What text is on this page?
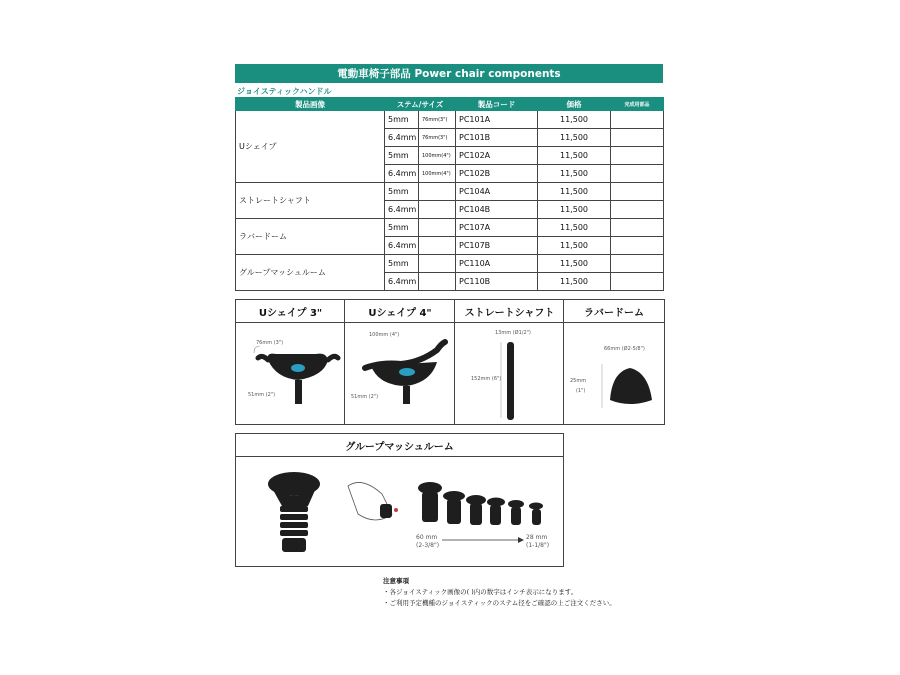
電動車椅子部品 Power chair components
ジョイスティックハンドル
製品画像	ステム/サイズ		製品コード	価格	完成用部品
Uシェイプ	5mm	76mm(3")	PC101A	11,500	
	6.4mm	76mm(3")	PC101B	11,500	
	5mm	100mm(4")	PC102A	11,500	
	6.4mm	100mm(4")	PC102B	11,500	
ストレートシャフト	5mm		PC104A	11,500	
	6.4mm		PC104B	11,500	
ラバードーム	5mm		PC107A	11,500	
	6.4mm		PC107B	11,500	
グループマッシュルーム	5mm		PC110A	11,500	
	6.4mm		PC110B	11,500	
Uシェイプ 3"
76mm (3")
51mm (2")
Uシェイプ 4"
100mm (4")
51mm (2")
ストレートシャフト
13mm (Ø1/2")
152mm (6")
ラバードーム
66mm (Ø2-5/8")
25mm
(1")
グループマッシュルーム
60 mm
(2-3/8")
28 mm
(1-1/8")
注意事項
・各ジョイスティック画像の( )内の数字はインチ表示になります。
・ご利用予定機種のジョイスティックのステム径をご確認の上ご注文ください。
